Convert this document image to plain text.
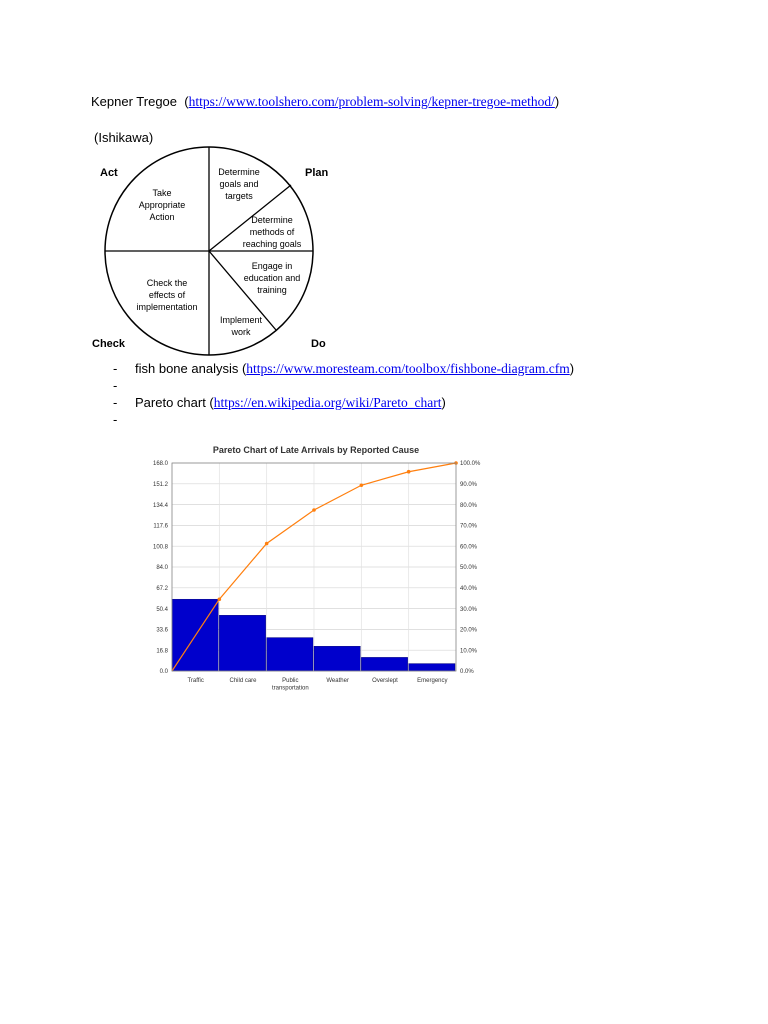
Kepner Tregoe (https://www.toolshero.com/problem-solving/kepner-tregoe-method/)
(Ishikawa)
Act	Plan
Check	Do
Take
Appropriate
Action
Determine
goals and
targets
Determine
methods of
reaching goals
Engage in
education and
training
Implement
work
Check the
effects of
implementation
- fish bone analysis (https://www.moresteam.com/toolbox/fishbone-diagram.cfm)
-
- Pareto chart (https://en.wikipedia.org/wiki/Pareto_chart)
-
Pareto Chart of Late Arrivals by Reported Cause
0.0
16.8
33.6
50.4
67.2
84.0
100.8
117.6
134.4
151.2
168.0
0.0%
10.0%
20.0%
30.0%
40.0%
50.0%
60.0%
70.0%
80.0%
90.0%
100.0%
Traffic	Child care	Public
transportation
Weather	Overslept	Emergency
